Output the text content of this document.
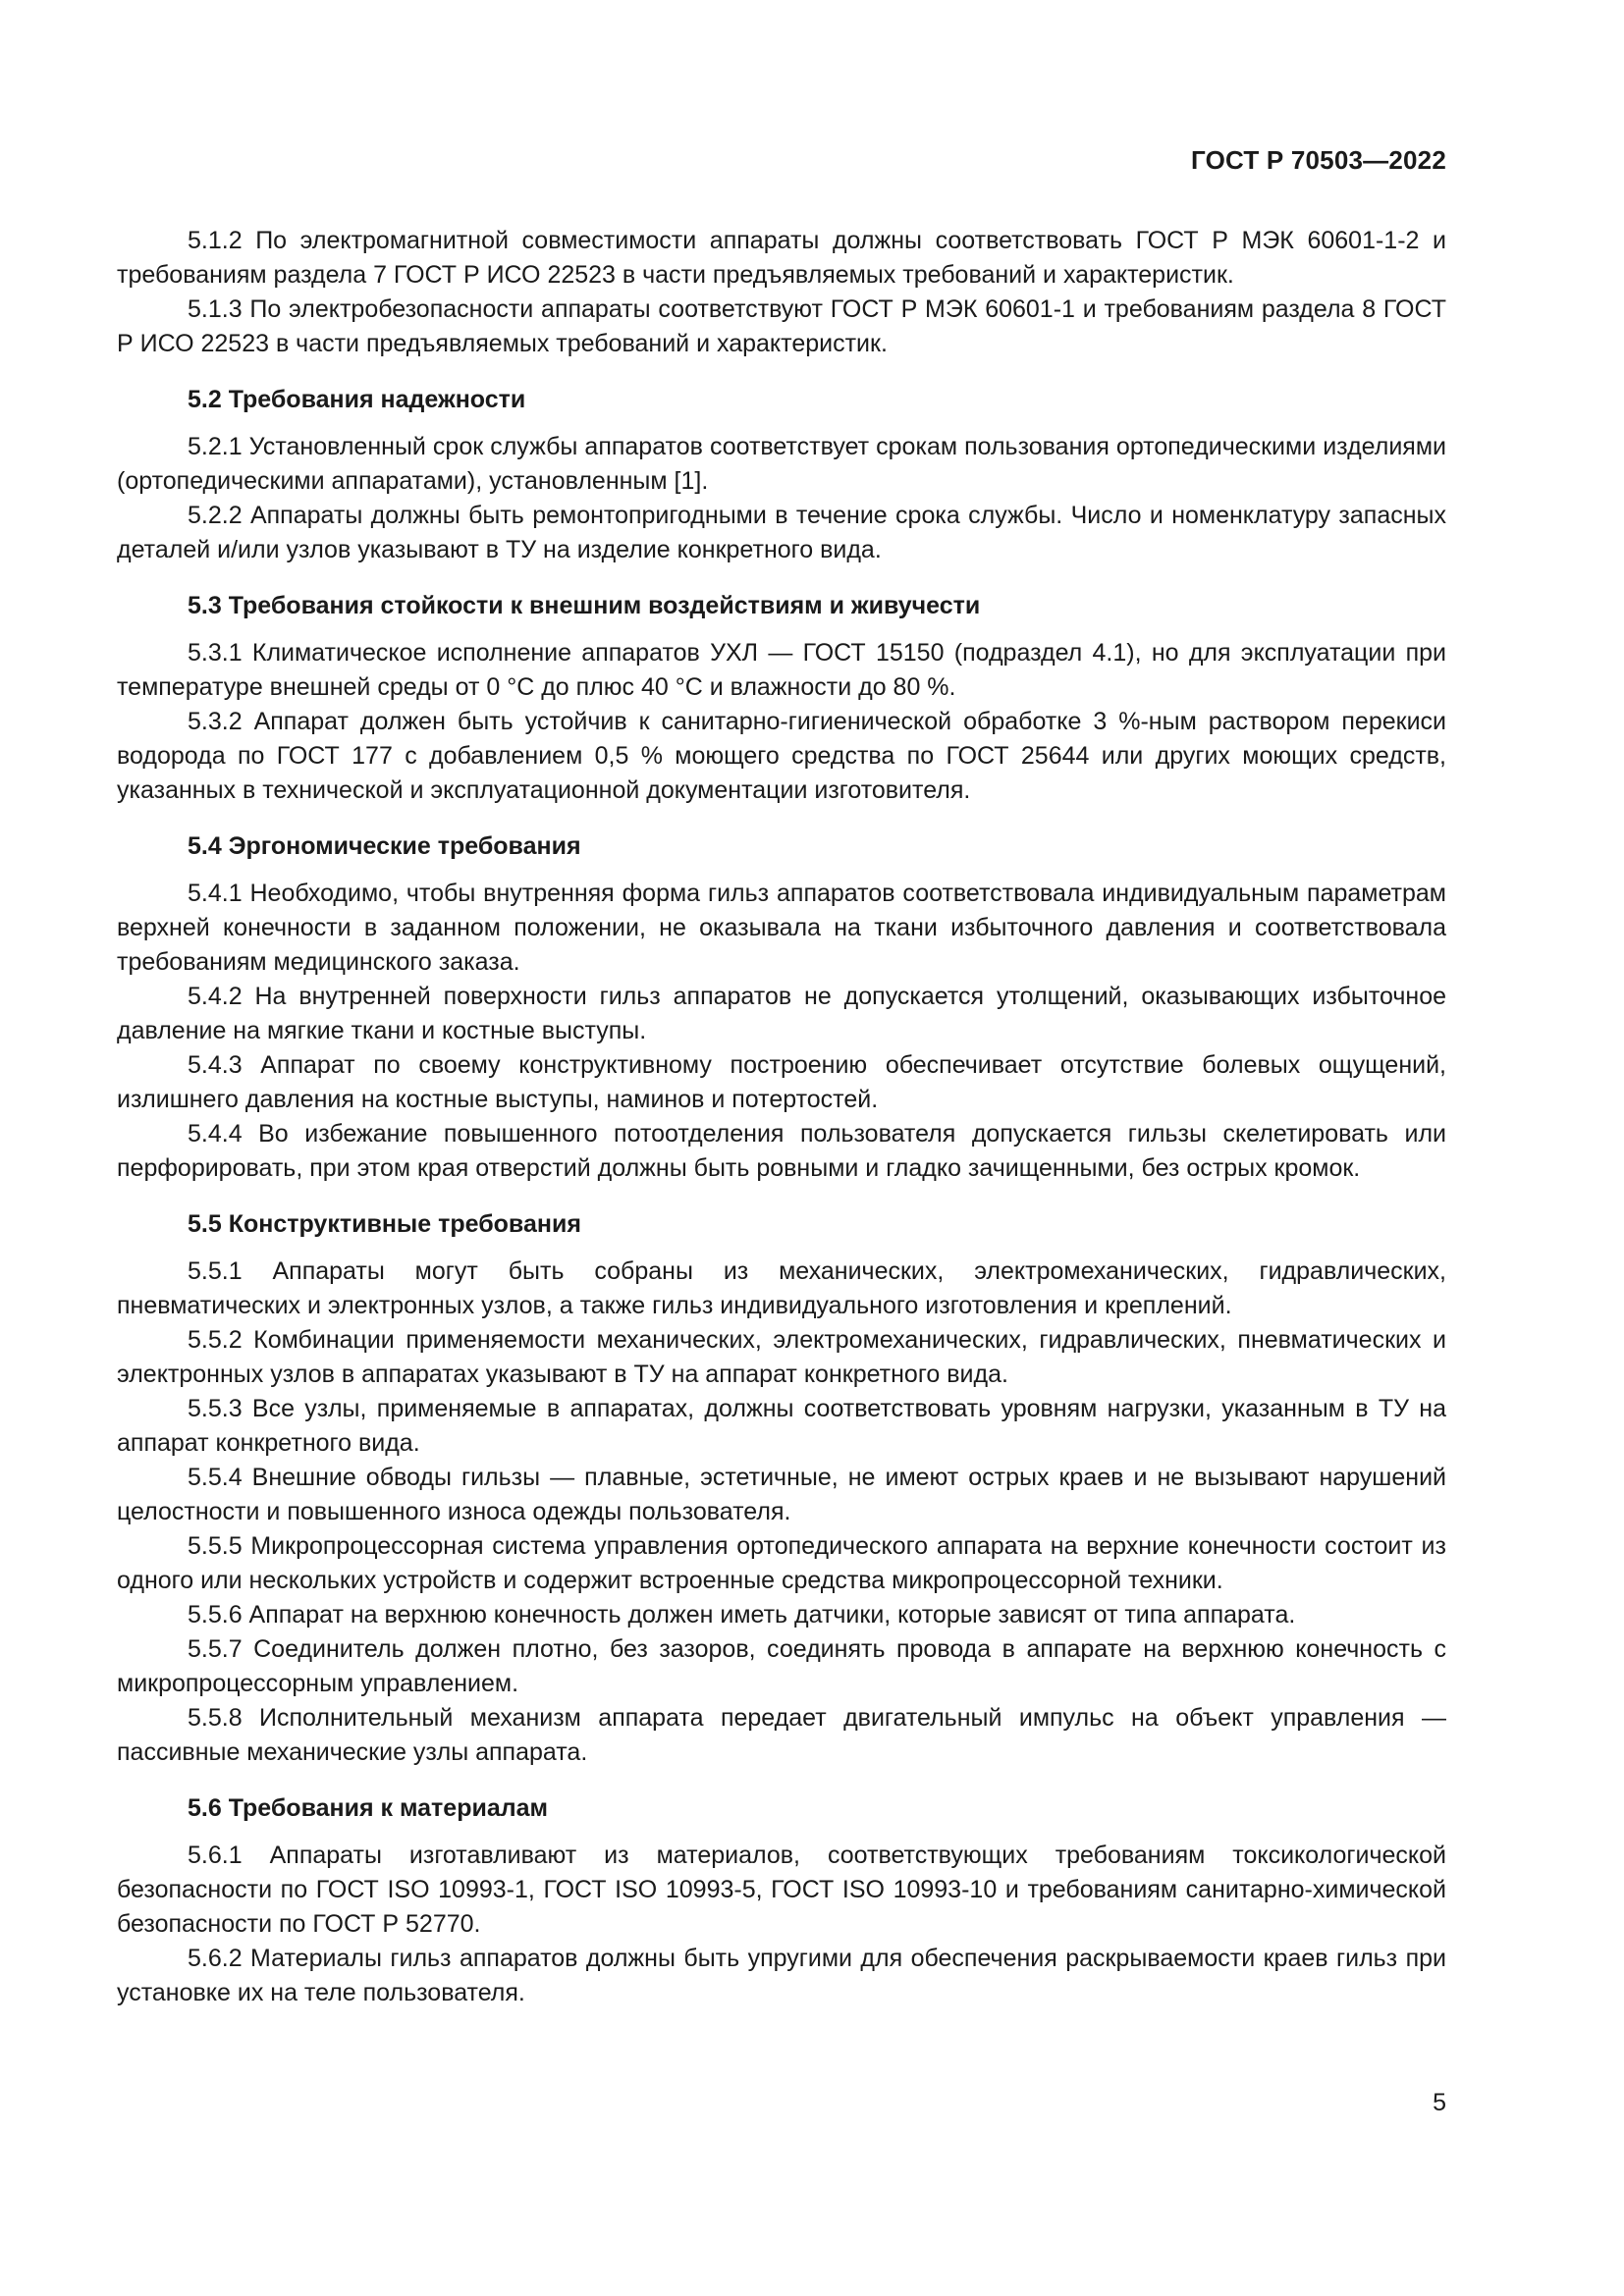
ГОСТ Р 70503—2022

5.1.2 По электромагнитной совместимости аппараты должны соответствовать ГОСТ Р МЭК 60601-1-2 и требованиям раздела 7 ГОСТ Р ИСО 22523 в части предъявляемых требований и характеристик.

5.1.3 По электробезопасности аппараты соответствуют ГОСТ Р МЭК 60601-1 и требованиям раздела 8 ГОСТ Р ИСО 22523 в части предъявляемых требований и характеристик.

5.2 Требования надежности

5.2.1 Установленный срок службы аппаратов соответствует срокам пользования ортопедическими изделиями (ортопедическими аппаратами), установленным [1].

5.2.2 Аппараты должны быть ремонтопригодными в течение срока службы. Число и номенклатуру запасных деталей и/или узлов указывают в ТУ на изделие конкретного вида.

5.3 Требования стойкости к внешним воздействиям и живучести

5.3.1 Климатическое исполнение аппаратов УХЛ — ГОСТ 15150 (подраздел 4.1), но для эксплуатации при температуре внешней среды от 0 °С до плюс 40 °С и влажности до 80 %.

5.3.2 Аппарат должен быть устойчив к санитарно-гигиенической обработке 3 %-ным раствором перекиси водорода по ГОСТ 177 с добавлением 0,5 % моющего средства по ГОСТ 25644 или других моющих средств, указанных в технической и эксплуатационной документации изготовителя.

5.4 Эргономические требования

5.4.1 Необходимо, чтобы внутренняя форма гильз аппаратов соответствовала индивидуальным параметрам верхней конечности в заданном положении, не оказывала на ткани избыточного давления и соответствовала требованиям медицинского заказа.

5.4.2 На внутренней поверхности гильз аппаратов не допускается утолщений, оказывающих избыточное давление на мягкие ткани и костные выступы.

5.4.3 Аппарат по своему конструктивному построению обеспечивает отсутствие болевых ощущений, излишнего давления на костные выступы, наминов и потертостей.

5.4.4 Во избежание повышенного потоотделения пользователя допускается гильзы скелетировать или перфорировать, при этом края отверстий должны быть ровными и гладко зачищенными, без острых кромок.

5.5 Конструктивные требования

5.5.1 Аппараты могут быть собраны из механических, электромеханических, гидравлических, пневматических и электронных узлов, а также гильз индивидуального изготовления и креплений.

5.5.2 Комбинации применяемости механических, электромеханических, гидравлических, пневматических и электронных узлов в аппаратах указывают в ТУ на аппарат конкретного вида.

5.5.3 Все узлы, применяемые в аппаратах, должны соответствовать уровням нагрузки, указанным в ТУ на аппарат конкретного вида.

5.5.4 Внешние обводы гильзы — плавные, эстетичные, не имеют острых краев и не вызывают нарушений целостности и повышенного износа одежды пользователя.

5.5.5 Микропроцессорная система управления ортопедического аппарата на верхние конечности состоит из одного или нескольких устройств и содержит встроенные средства микропроцессорной техники.

5.5.6 Аппарат на верхнюю конечность должен иметь датчики, которые зависят от типа аппарата.

5.5.7 Соединитель должен плотно, без зазоров, соединять провода в аппарате на верхнюю конечность с микропроцессорным управлением.

5.5.8 Исполнительный механизм аппарата передает двигательный импульс на объект управления — пассивные механические узлы аппарата.

5.6 Требования к материалам

5.6.1 Аппараты изготавливают из материалов, соответствующих требованиям токсикологической безопасности по ГОСТ ISO 10993-1, ГОСТ ISO 10993-5, ГОСТ ISO 10993-10 и требованиям санитарно-химической безопасности по ГОСТ Р 52770.

5.6.2 Материалы гильз аппаратов должны быть упругими для обеспечения раскрываемости краев гильз при установке их на теле пользователя.

5
